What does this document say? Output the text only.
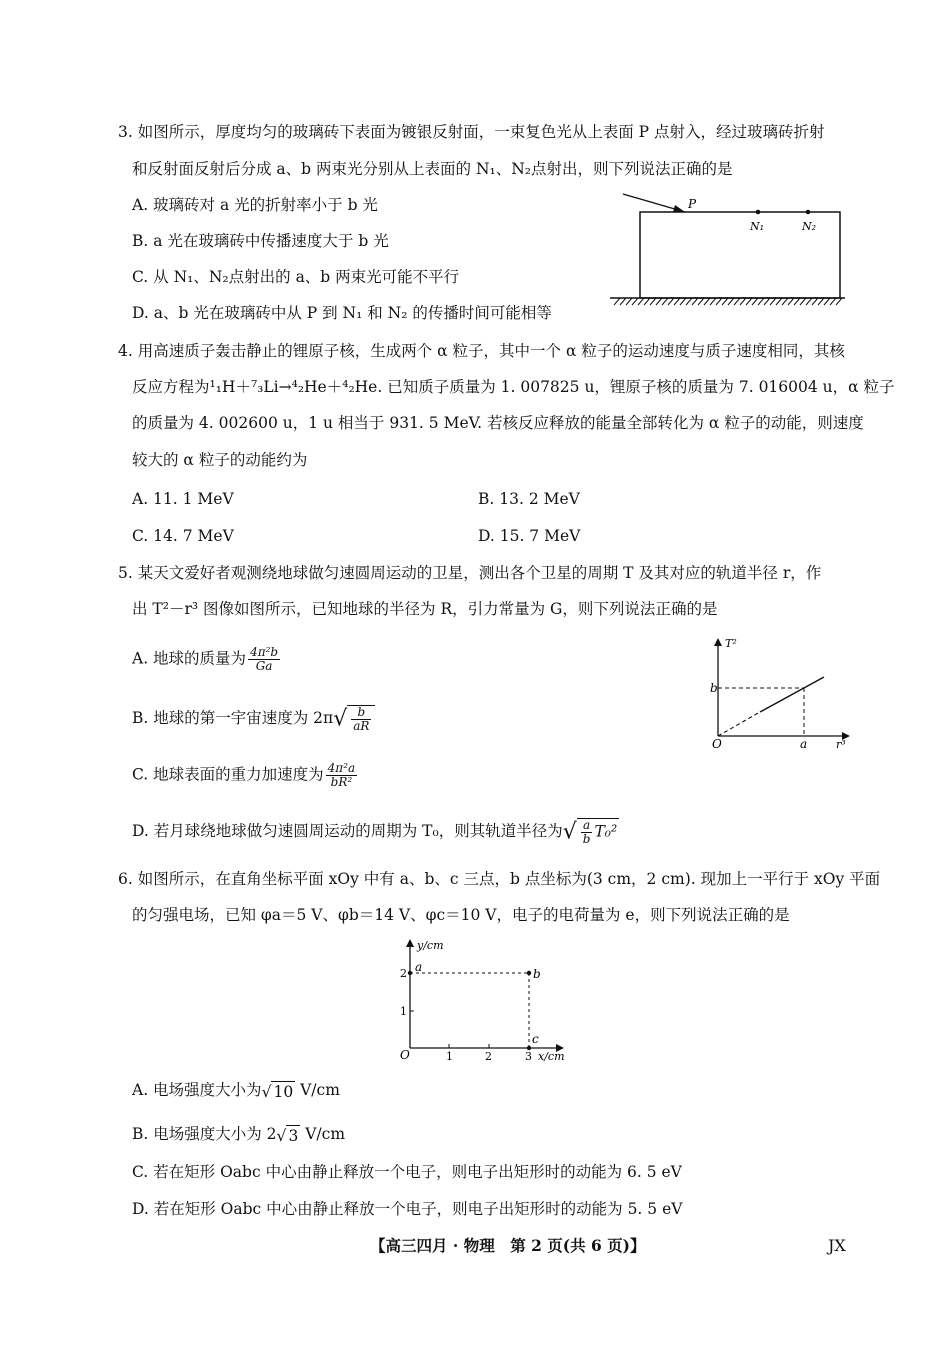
3. 如图所示，厚度均匀的玻璃砖下表面为镀银反射面，一束复色光从上表面 P 点射入，经过玻璃砖折射
和反射面反射后分成 a、b 两束光分别从上表面的 N₁、N₂点射出，则下列说法正确的是
A. 玻璃砖对 a 光的折射率小于 b 光
B. a 光在玻璃砖中传播速度大于 b 光
C. 从 N₁、N₂点射出的 a、b 两束光可能不平行
D. a、b 光在玻璃砖中从 P 到 N₁ 和 N₂ 的传播时间可能相等
P
N₁	N₂
4. 用高速质子轰击静止的锂原子核，生成两个 α 粒子，其中一个 α 粒子的运动速度与质子速度相同，其核
反应方程为¹₁H＋⁷₃Li→⁴₂He＋⁴₂He. 已知质子质量为 1. 007825 u，锂原子核的质量为 7. 016004 u，α 粒子
的质量为 4. 002600 u，1 u 相当于 931. 5 MeV. 若核反应释放的能量全部转化为 α 粒子的动能，则速度
较大的 α 粒子的动能约为
A. 11. 1 MeV	B. 13. 2 MeV
C. 14. 7 MeV	D. 15. 7 MeV
5. 某天文爱好者观测绕地球做匀速圆周运动的卫星，测出各个卫星的周期 T 及其对应的轨道半径 r，作
出 T²－r³ 图像如图所示，已知地球的半径为 R，引力常量为 G，则下列说法正确的是
A. 地球的质量为 $\frac{\text{4π²b}}{Ga}$
B. 地球的第一宇宙速度为 $2\pi√ \frac{b}{aR}$
C. 地球表面的重力加速度为 $\frac{\text{4π²a}}{\text{bR²}}$
D. 若月球绕地球做匀速圆周运动的周期为 T₀，则其轨道半径为√ $\frac{a}{b} T_0^2$
T²
r³
b
a
O
6. 如图所示，在直角坐标平面 xOy 中有 a、b、c 三点，b 点坐标为(3 cm，2 cm). 现加上一平行于 xOy 平面
的匀强电场，已知 φa＝5 V、φb＝14 V、φc＝10 V，电子的电荷量为 e，则下列说法正确的是
y/cm
x/cm
O	1	2	3
1
2 a	b
c
A. 电场强度大小为√ 10 V/cm
B. 电场强度大小为 2√ 3 V/cm
C. 若在矩形 Oabc 中心由静止释放一个电子，则电子出矩形时的动能为 6. 5 eV
D. 若在矩形 Oabc 中心由静止释放一个电子，则电子出矩形时的动能为 5. 5 eV
【高三四月 · 物理　第 2 页(共 6 页)】	JX
